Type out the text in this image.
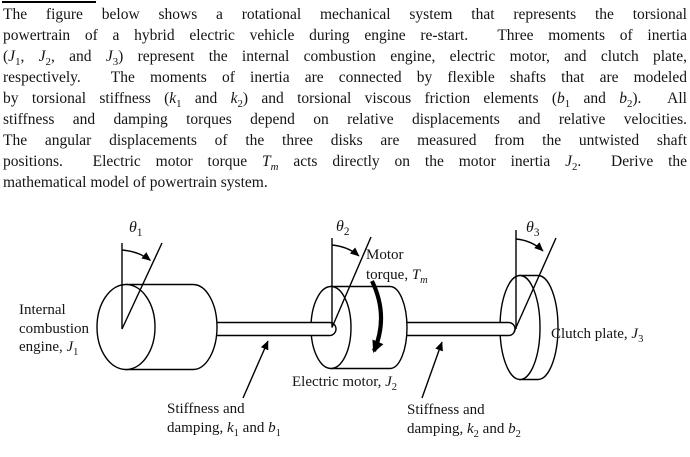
The figure below shows a rotational mechanical system that represents the torsional
powertrain of a hybrid electric vehicle during engine re-start.  Three moments of inertia
($J_1$, $J_2$, and $J_3$) represent the internal combustion engine, electric motor, and clutch plate,
respectively.  The moments of inertia are connected by flexible shafts that are modeled
by torsional stiffness ($k_1$ and $k_2$) and torsional viscous friction elements ($b_1$ and $b_2$).  All
stiffness and damping torques depend on relative displacements and relative velocities.
The angular displacements of the three disks are measured from the untwisted shaft
positions.  Electric motor torque $T_m$ acts directly on the motor inertia $J_2$.  Derive the
mathematical model of powertrain system.
$\theta_1$	$\theta_2$	$\theta_3$
Internal
combustion
engine, $J_1$
Motor
torque, $T_m$
Electric motor, $J_2$
Clutch plate, $J_3$
Stiffness and
damping, $k_1$ and $b_1$
Stiffness and
damping, $k_2$ and $b_2$
